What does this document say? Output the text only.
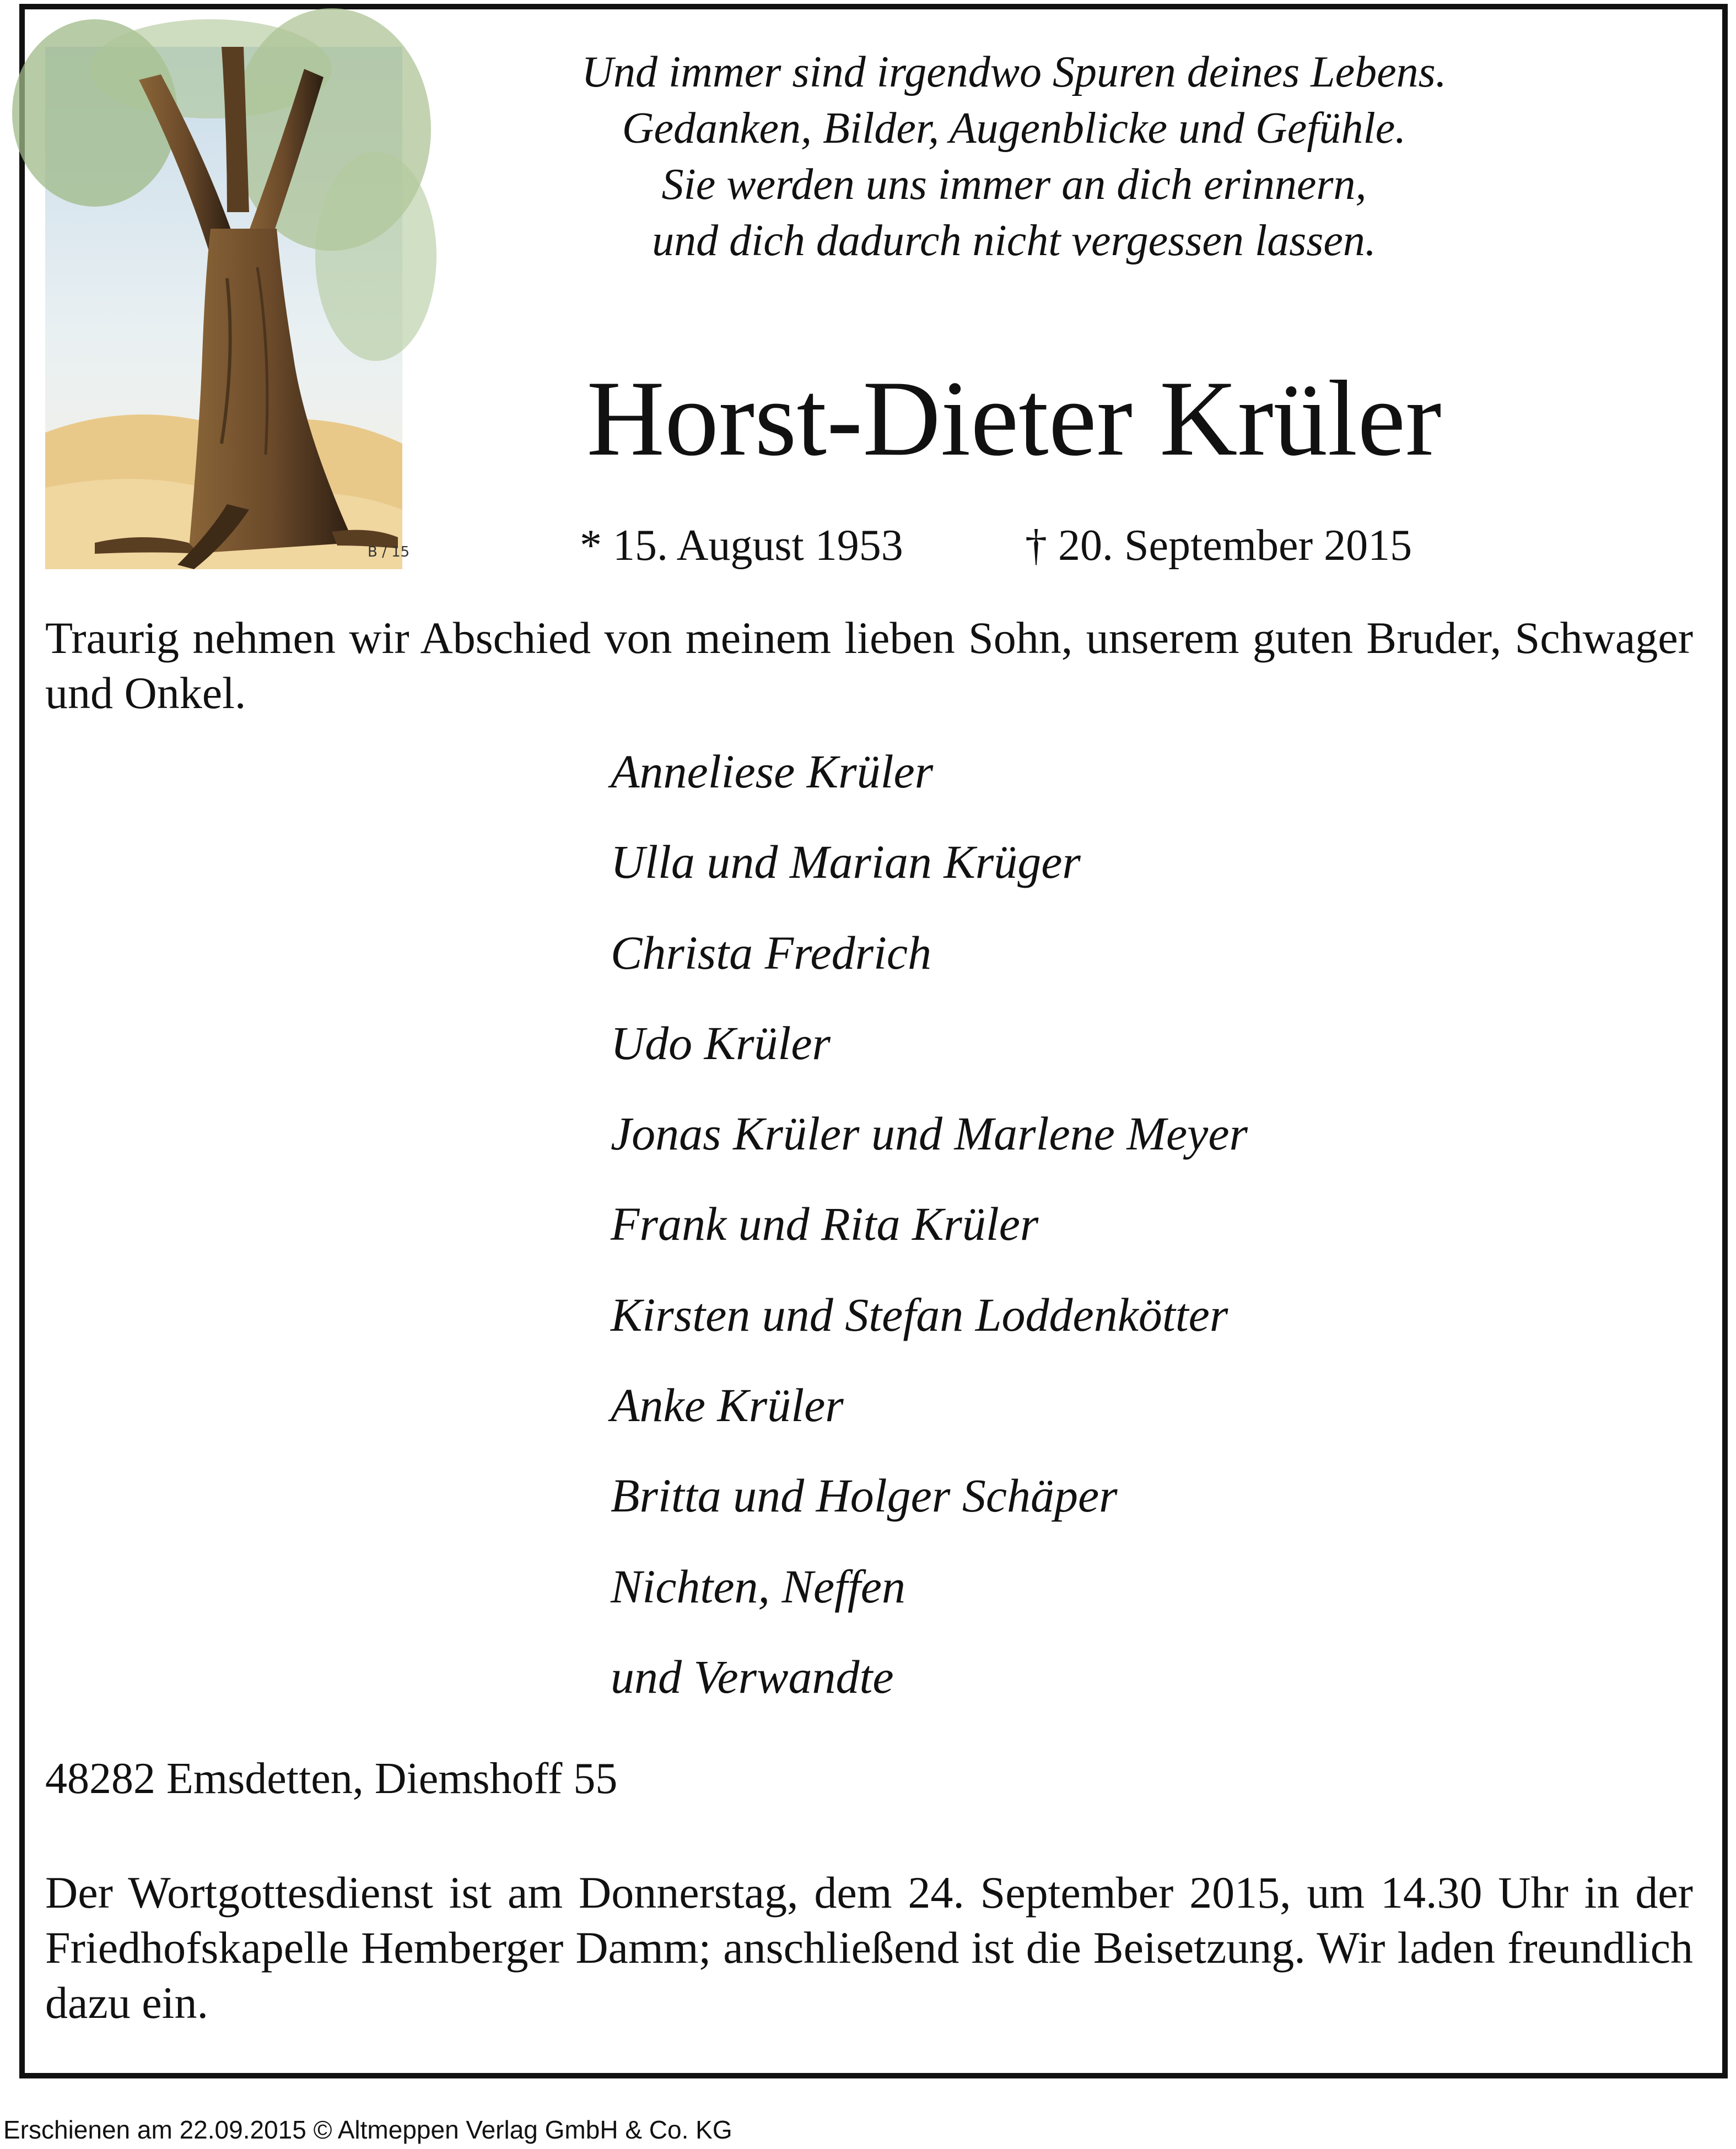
B / 15
Und immer sind irgendwo Spuren deines Lebens.
Gedanken, Bilder, Augenblicke und Gefühle.
Sie werden uns immer an dich erinnern,
und dich dadurch nicht vergessen lassen.
Horst-Dieter Krüler
* 15. August 1953	† 20. September 2015
Traurig nehmen wir Abschied von meinem lieben Sohn, unserem guten Bruder, Schwager und Onkel.
Anneliese Krüler
Ulla und Marian Krüger
Christa Fredrich
Udo Krüler
Jonas Krüler und Marlene Meyer
Frank und Rita Krüler
Kirsten und Stefan Loddenkötter
Anke Krüler
Britta und Holger Schäper
Nichten, Neffen
und Verwandte
48282 Emsdetten, Diemshoff 55
Der Wortgottesdienst ist am Donnerstag, dem 24. September 2015, um 14.30 Uhr in der Friedhofskapelle Hemberger Damm; anschließend ist die Beisetzung. Wir laden freundlich dazu ein.
Erschienen am 22.09.2015 © Altmeppen Verlag GmbH & Co. KG
